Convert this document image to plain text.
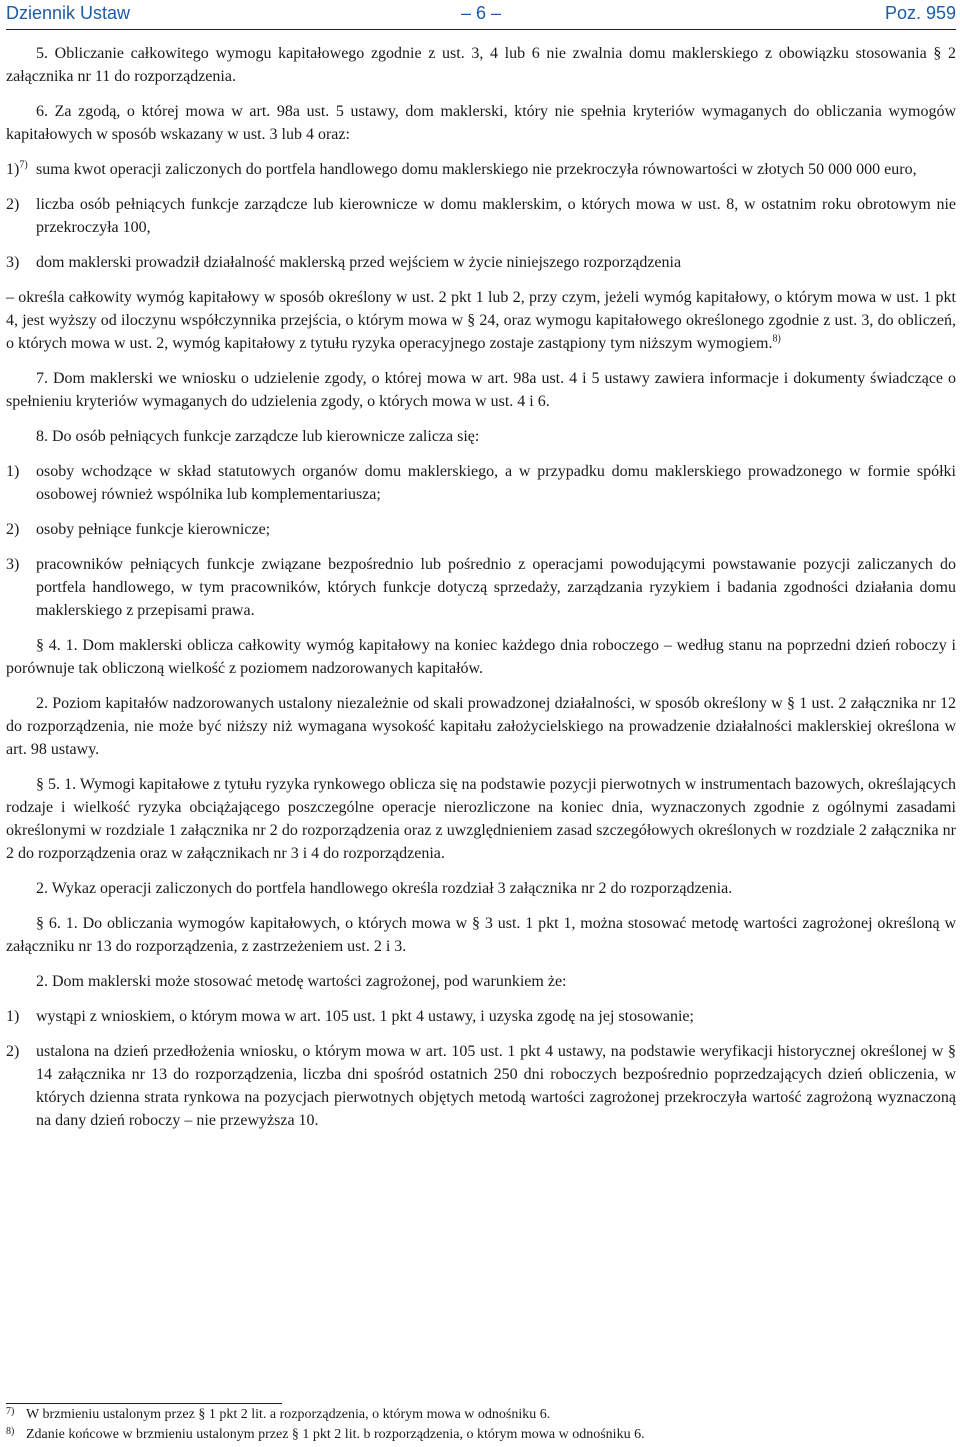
Dziennik Ustaw	– 6 –	Poz. 959

5. Obliczanie całkowitego wymogu kapitałowego zgodnie z ust. 3, 4 lub 6 nie zwalnia domu maklerskiego z obowiązku stosowania § 2 załącznika nr 11 do rozporządzenia.

6. Za zgodą, o której mowa w art. 98a ust. 5 ustawy, dom maklerski, który nie spełnia kryteriów wymaganych do obliczania wymogów kapitałowych w sposób wskazany w ust. 3 lub 4 oraz:

1)$^{7)}$ suma kwot operacji zaliczonych do portfela handlowego domu maklerskiego nie przekroczyła równowartości w złotych 50 000 000 euro,
2) liczba osób pełniących funkcje zarządcze lub kierownicze w domu maklerskim, o których mowa w ust. 8, w ostatnim roku obrotowym nie przekroczyła 100,
3) dom maklerski prowadził działalność maklerską przed wejściem w życie niniejszego rozporządzenia

– określa całkowity wymóg kapitałowy w sposób określony w ust. 2 pkt 1 lub 2, przy czym, jeżeli wymóg kapitałowy, o którym mowa w ust. 1 pkt 4, jest wyższy od iloczynu współczynnika przejścia, o którym mowa w § 24, oraz wymogu kapitałowego określonego zgodnie z ust. 3, do obliczeń, o których mowa w ust. 2, wymóg kapitałowy z tytułu ryzyka operacyjnego zostaje zastąpiony tym niższym wymogiem.$^{8)}$

7. Dom maklerski we wniosku o udzielenie zgody, o której mowa w art. 98a ust. 4 i 5 ustawy zawiera informacje i dokumenty świadczące o spełnieniu kryteriów wymaganych do udzielenia zgody, o których mowa w ust. 4 i 6.

8. Do osób pełniących funkcje zarządcze lub kierownicze zalicza się:

1) osoby wchodzące w skład statutowych organów domu maklerskiego, a w przypadku domu maklerskiego prowadzonego w formie spółki osobowej również wspólnika lub komplementariusza;
2) osoby pełniące funkcje kierownicze;
3) pracowników pełniących funkcje związane bezpośrednio lub pośrednio z operacjami powodującymi powstawanie pozycji zaliczanych do portfela handlowego, w tym pracowników, których funkcje dotyczą sprzedaży, zarządzania ryzykiem i badania zgodności działania domu maklerskiego z przepisami prawa.

§ 4. 1. Dom maklerski oblicza całkowity wymóg kapitałowy na koniec każdego dnia roboczego – według stanu na poprzedni dzień roboczy i porównuje tak obliczoną wielkość z poziomem nadzorowanych kapitałów.

2. Poziom kapitałów nadzorowanych ustalony niezależnie od skali prowadzonej działalności, w sposób określony w § 1 ust. 2 załącznika nr 12 do rozporządzenia, nie może być niższy niż wymagana wysokość kapitału założycielskiego na prowadzenie działalności maklerskiej określona w art. 98 ustawy.

§ 5. 1. Wymogi kapitałowe z tytułu ryzyka rynkowego oblicza się na podstawie pozycji pierwotnych w instrumentach bazowych, określających rodzaje i wielkość ryzyka obciążającego poszczególne operacje nierozliczone na koniec dnia, wyznaczonych zgodnie z ogólnymi zasadami określonymi w rozdziale 1 załącznika nr 2 do rozporządzenia oraz z uwzględnieniem zasad szczegółowych określonych w rozdziale 2 załącznika nr 2 do rozporządzenia oraz w załącznikach nr 3 i 4 do rozporządzenia.

2. Wykaz operacji zaliczonych do portfela handlowego określa rozdział 3 załącznika nr 2 do rozporządzenia.

§ 6. 1. Do obliczania wymogów kapitałowych, o których mowa w § 3 ust. 1 pkt 1, można stosować metodę wartości zagrożonej określoną w załączniku nr 13 do rozporządzenia, z zastrzeżeniem ust. 2 i 3.

2. Dom maklerski może stosować metodę wartości zagrożonej, pod warunkiem że:

1) wystąpi z wnioskiem, o którym mowa w art. 105 ust. 1 pkt 4 ustawy, i uzyska zgodę na jej stosowanie;
2) ustalona na dzień przedłożenia wniosku, o którym mowa w art. 105 ust. 1 pkt 4 ustawy, na podstawie weryfikacji historycznej określonej w § 14 załącznika nr 13 do rozporządzenia, liczba dni spośród ostatnich 250 dni roboczych bezpośrednio poprzedzających dzień obliczenia, w których dzienna strata rynkowa na pozycjach pierwotnych objętych metodą wartości zagrożonej przekroczyła wartość zagrożoną wyznaczoną na dany dzień roboczy – nie przewyższa 10.
7) W brzmieniu ustalonym przez § 1 pkt 2 lit. a rozporządzenia, o którym mowa w odnośniku 6.
8) Zdanie końcowe w brzmieniu ustalonym przez § 1 pkt 2 lit. b rozporządzenia, o którym mowa w odnośniku 6.
